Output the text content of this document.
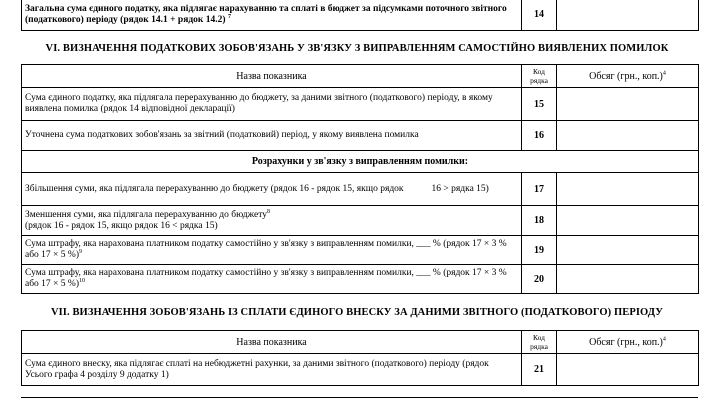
Загальна сума єдиного податку, яка підлягає нарахуванню та сплаті в бюджет за підсумками поточного звітного (податкового) періоду (рядок 14.1 + рядок 14.2) $^7$	14	
VI. ВИЗНАЧЕННЯ ПОДАТКОВИХ ЗОБОВ'ЯЗАНЬ У ЗВ'ЯЗКУ З ВИПРАВЛЕННЯМ САМОСТІЙНО ВИЯВЛЕНИХ ПОМИЛОК
Назва показника	Код рядка	Обсяг (грн., коп.)$^4$
Сума єдиного податку, яка підлягала перерахуванню до бюджету, за даними звітного (податкового) періоду, в якому виявлена помилка (рядок 14 відповідної декларації)	15	
Уточнена сума податкових зобов'язань за звітний (податковий) період, у якому виявлена помилка	16	
Розрахунки у зв'язку з виправленням помилки:		
Збільшення суми, яка підлягала перерахуванню до бюджету (рядок 16 - рядок 15, якщо рядок 16 > рядка 15)	17	
Зменшення суми, яка підлягала перерахуванню до бюджету$^8$
(рядок 16 - рядок 15, якщо рядок 16 < рядка 15)	18	
Сума штрафу, яка нарахована платником податку самостійно у зв'язку з виправленням помилки, ___ % (рядок 17 × 3 % або 17 × 5 %)$^9$	19	
Сума штрафу, яка нарахована платником податку самостійно у зв'язку з виправленням помилки, ___ % (рядок 17 × 3 % або 17 × 5 %)$^{10}$	20	
VII. ВИЗНАЧЕННЯ ЗОБОВ'ЯЗАНЬ ІЗ СПЛАТИ ЄДИНОГО ВНЕСКУ ЗА ДАНИМИ ЗВІТНОГО (ПОДАТКОВОГО) ПЕРІОДУ
Назва показника	Код рядка	Обсяг (грн., коп.)$^4$
Сума єдиного внеску, яка підлягає сплаті на небюджетні рахунки, за даними звітного (податкового) періоду (рядок Усього графа 4 розділу 9 додатку 1)	21	
